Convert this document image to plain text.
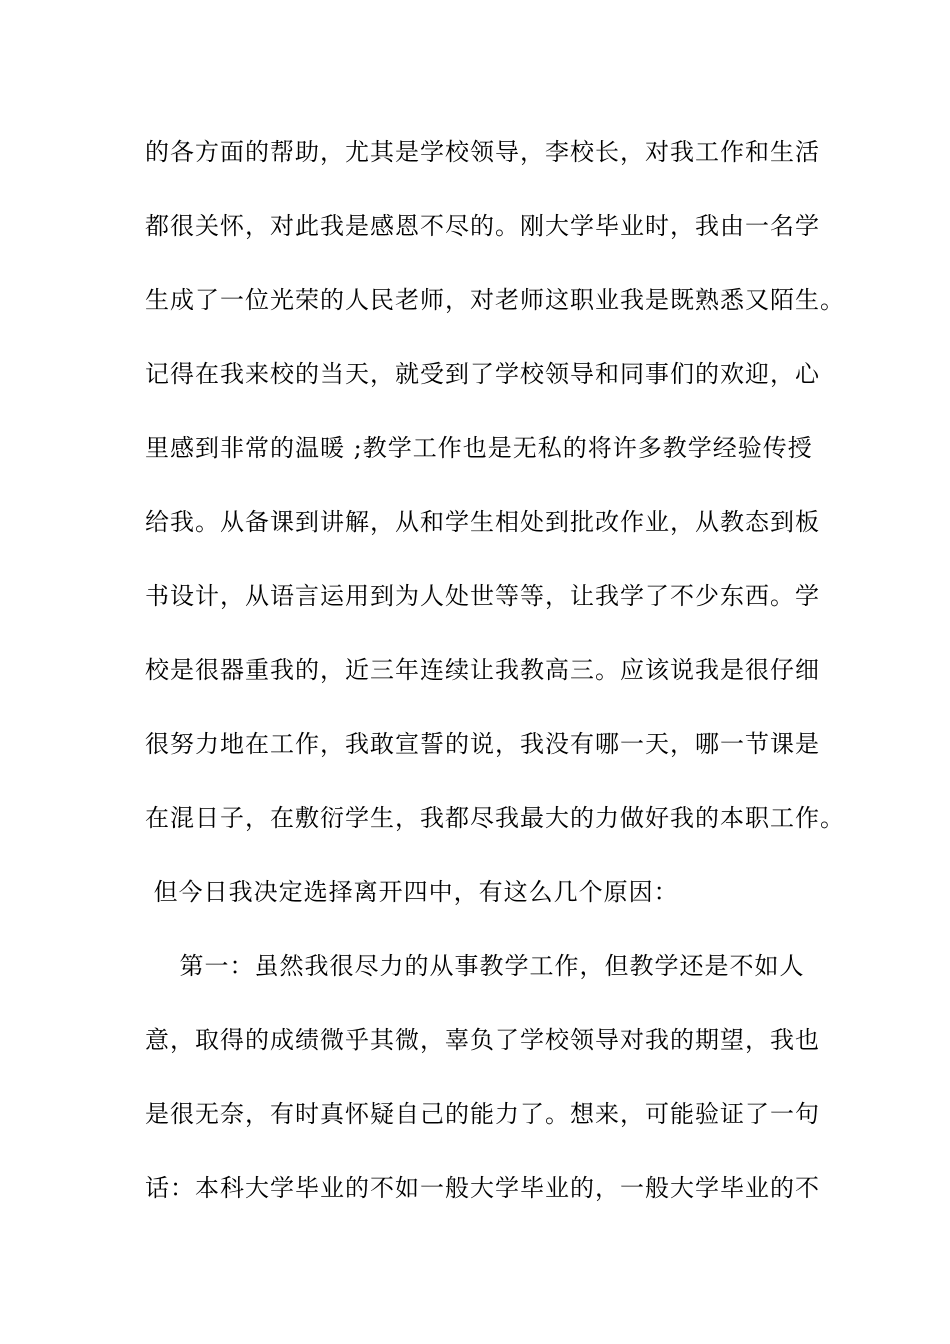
的各方面的帮助，尤其是学校领导，李校长，对我工作和生活
都很关怀，对此我是感恩不尽的。刚大学毕业时，我由一名学
生成了一位光荣的人民老师，对老师这职业我是既熟悉又陌生。
记得在我来校的当天，就受到了学校领导和同事们的欢迎，心
里感到非常的温暖 ;教学工作也是无私的将许多教学经验传授
给我。从备课到讲解，从和学生相处到批改作业，从教态到板
书设计，从语言运用到为人处世等等，让我学了不少东西。学
校是很器重我的，近三年连续让我教高三。应该说我是很仔细
很努力地在工作，我敢宣誓的说，我没有哪一天，哪一节课是
在混日子，在敷衍学生，我都尽我最大的力做好我的本职工作。
但今日我决定选择离开四中，有这么几个原因：
第一：虽然我很尽力的从事教学工作，但教学还是不如人
意，取得的成绩微乎其微，辜负了学校领导对我的期望，我也
是很无奈，有时真怀疑自己的能力了。想来，可能验证了一句
话：本科大学毕业的不如一般大学毕业的，一般大学毕业的不
